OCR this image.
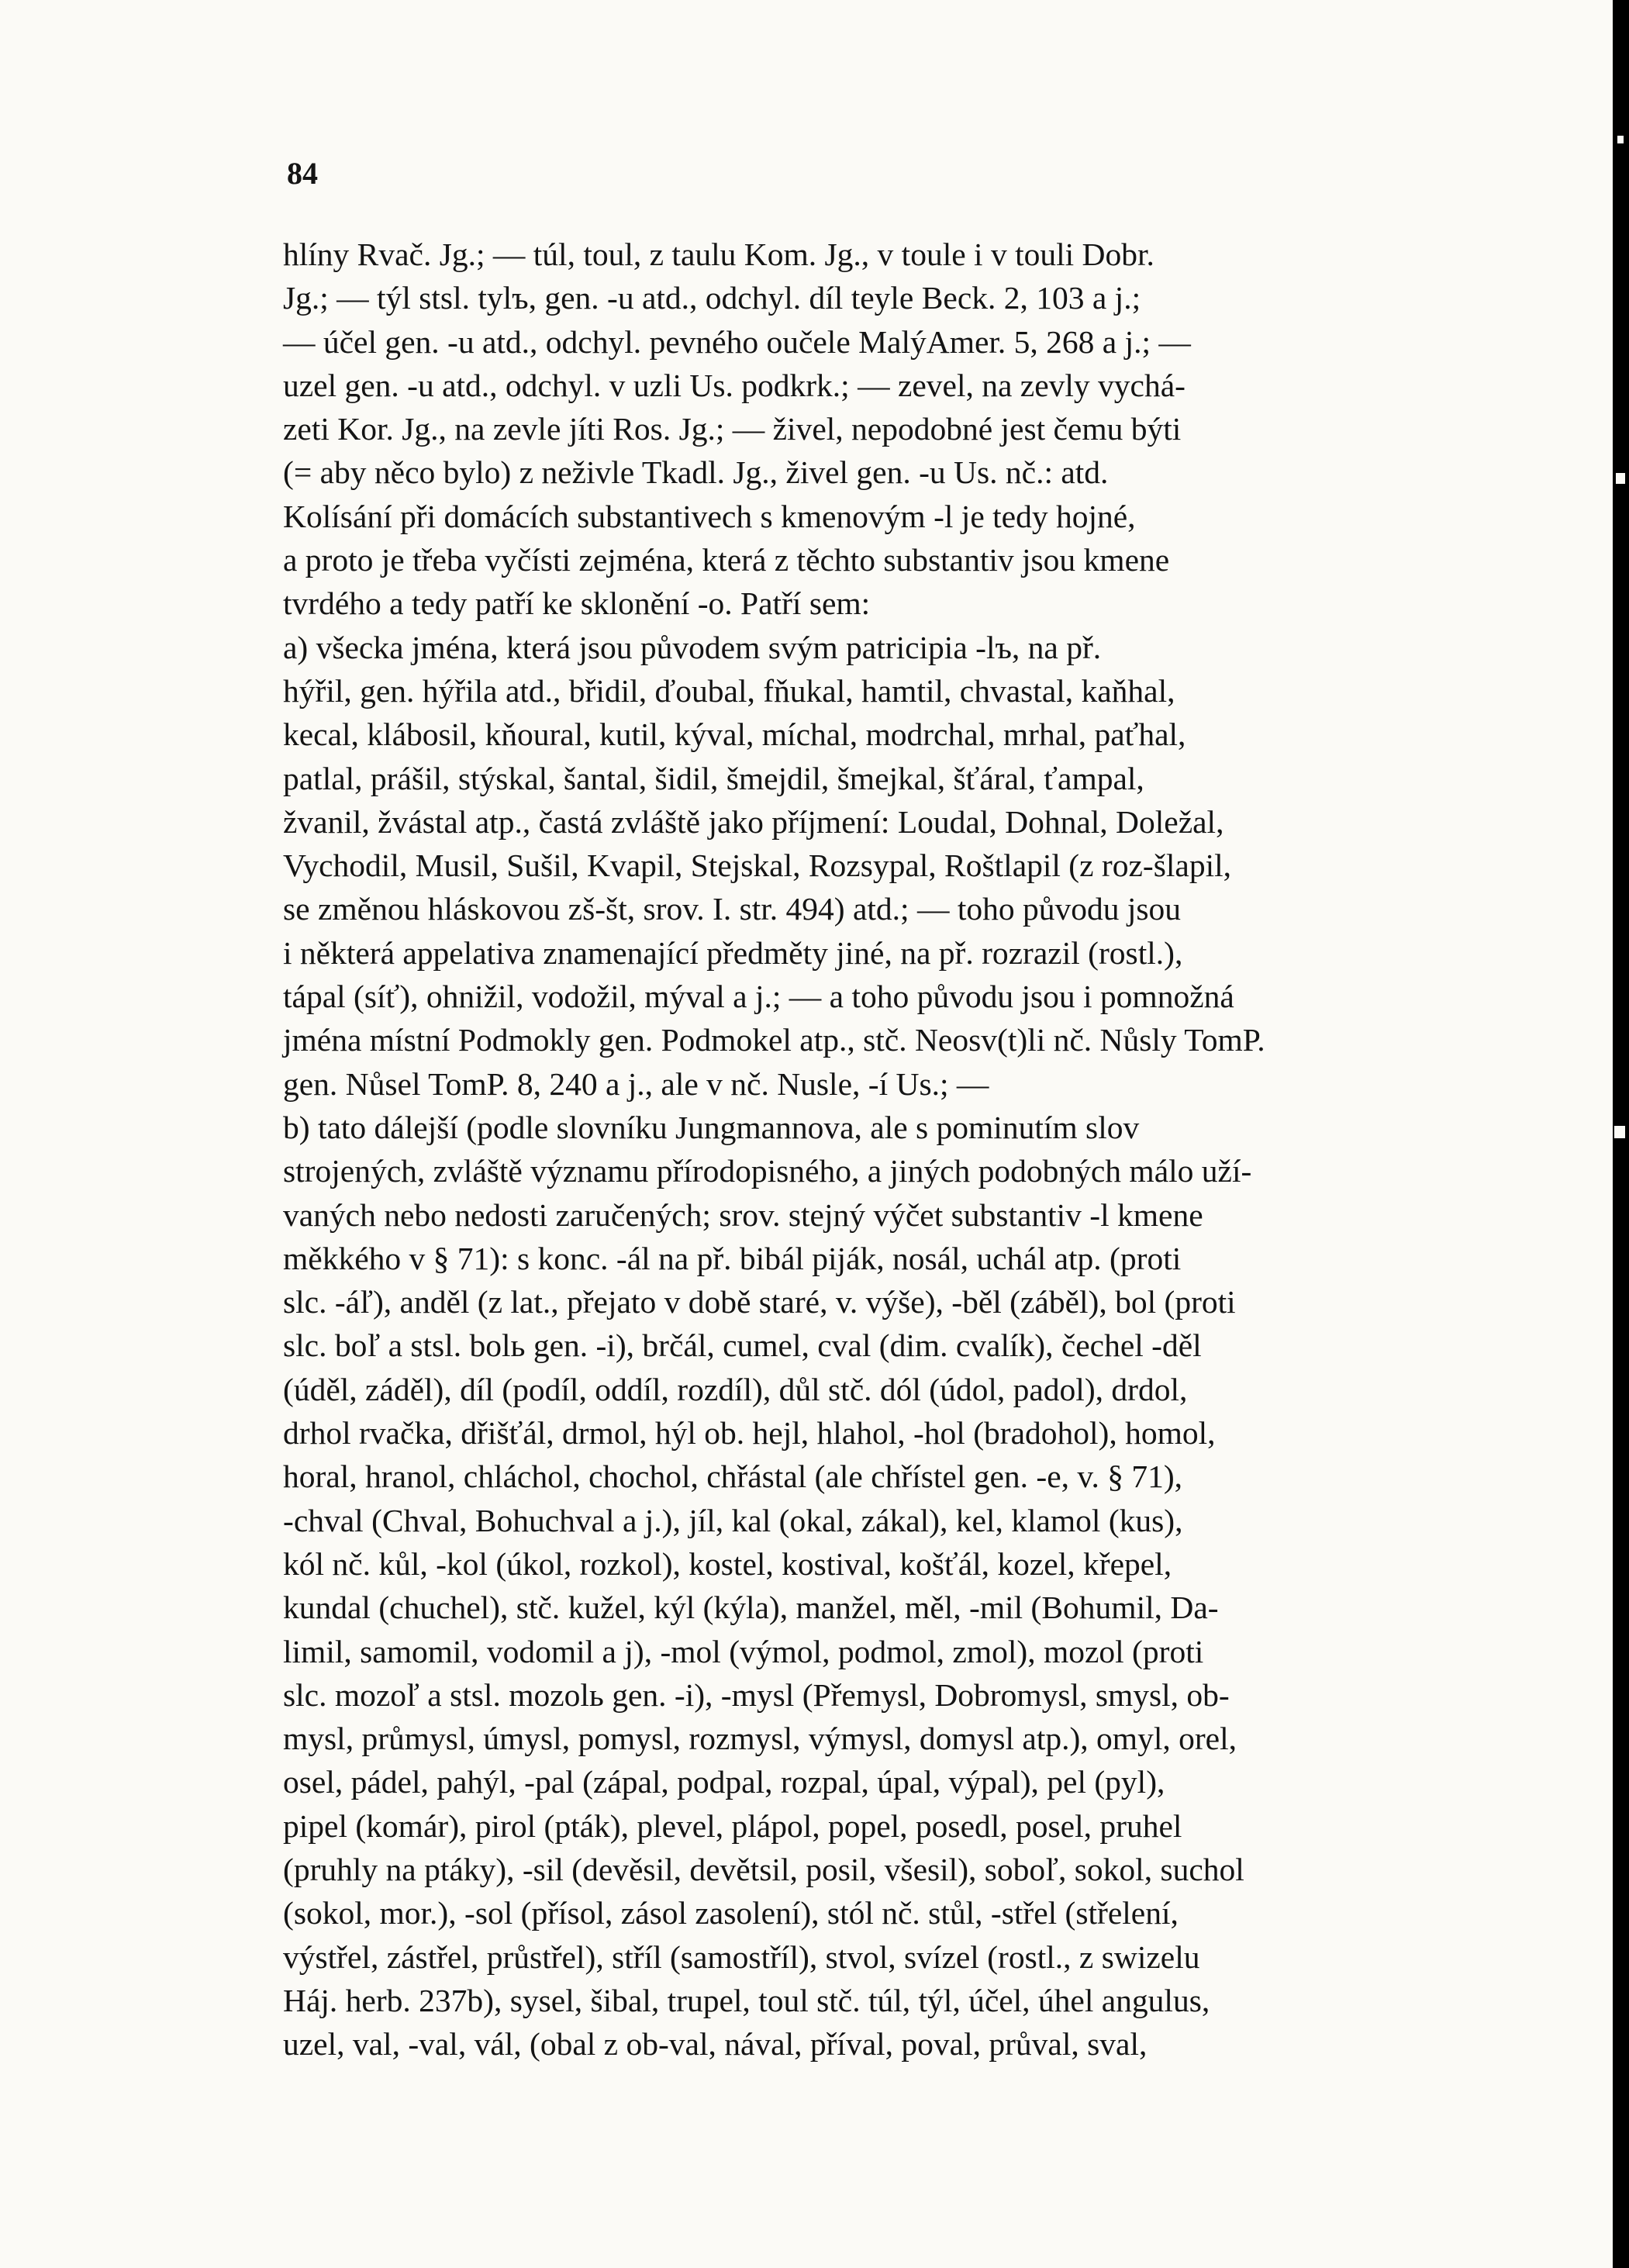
84
hlíny Rvač. Jg.; — túl, toul, z taulu Kom. Jg., v toule i v touli Dobr.
Jg.; — týl stsl. tylъ, gen. -u atd., odchyl. díl teyle Beck. 2, 103 a j.;
— účel gen. -u atd., odchyl. pevného oučele MalýAmer. 5, 268 a j.; —
uzel gen. -u atd., odchyl. v uzli Us. podkrk.; — zevel, na zevly vychá-
zeti Kor. Jg., na zevle jíti Ros. Jg.; — živel, nepodobné jest čemu býti
(= aby něco bylo) z neživle Tkadl. Jg., živel gen. -u Us. nč.: atd.
Kolísání při domácích substantivech s kmenovým -l je tedy hojné,
a proto je třeba vyčísti zejména, která z těchto substantiv jsou kmene
tvrdého a tedy patří ke sklonění -o. Patří sem:
a) všecka jména, která jsou původem svým patricipia -lъ, na př.
hýřil, gen. hýřila atd., břidil, ďoubal, fňukal, hamtil, chvastal, kaňhal,
kecal, klábosil, kňoural, kutil, kýval, míchal, modrchal, mrhal, paťhal,
patlal, prášil, stýskal, šantal, šidil, šmejdil, šmejkal, šťáral, ťampal,
žvanil, žvástal atp., častá zvláště jako příjmení: Loudal, Dohnal, Doležal,
Vychodil, Musil, Sušil, Kvapil, Stejskal, Rozsypal, Roštlapil (z roz-šlapil,
se změnou hláskovou zš-št, srov. I. str. 494) atd.; — toho původu jsou
i některá appelativa znamenající předměty jiné, na př. rozrazil (rostl.),
tápal (síť), ohnižil, vodožil, mýval a j.; — a toho původu jsou i pomnožná
jména místní Podmokly gen. Podmokel atp., stč. Neosv(t)li nč. Nůsly TomP.
gen. Nůsel TomP. 8, 240 a j., ale v nč. Nusle, -í Us.; —
b) tato dálejší (podle slovníku Jungmannova, ale s pominutím slov
strojených, zvláště významu přírodopisného, a jiných podobných málo uží-
vaných nebo nedosti zaručených; srov. stejný výčet substantiv -l kmene
měkkého v § 71): s konc. -ál na př. bibál piják, nosál, uchál atp. (proti
slc. -áľ), anděl (z lat., přejato v době staré, v. výše), -běl (záběl), bol (proti
slc. boľ a stsl. bolь gen. -i), brčál, cumel, cval (dim. cvalík), čechel -děl
(úděl, záděl), díl (podíl, oddíl, rozdíl), důl stč. dól (údol, padol), drdol,
drhol rvačka, dřišťál, drmol, hýl ob. hejl, hlahol, -hol (bradohol), homol,
horal, hranol, chláchol, chochol, chřástal (ale chřístel gen. -e, v. § 71),
-chval (Chval, Bohuchval a j.), jíl, kal (okal, zákal), kel, klamol (kus),
kól nč. kůl, -kol (úkol, rozkol), kostel, kostival, košťál, kozel, křepel,
kundal (chuchel), stč. kužel, kýl (kýla), manžel, měl, -mil (Bohumil, Da-
limil, samomil, vodomil a j), -mol (výmol, podmol, zmol), mozol (proti
slc. mozoľ a stsl. mozolь gen. -i), -mysl (Přemysl, Dobromysl, smysl, ob-
mysl, průmysl, úmysl, pomysl, rozmysl, výmysl, domysl atp.), omyl, orel,
osel, pádel, pahýl, -pal (zápal, podpal, rozpal, úpal, výpal), pel (pyl),
pipel (komár), pirol (pták), plevel, plápol, popel, posedl, posel, pruhel
(pruhly na ptáky), -sil (devěsil, devětsil, posil, všesil), soboľ, sokol, suchol
(sokol, mor.), -sol (přísol, zásol zasolení), stól nč. stůl, -střel (střelení,
výstřel, zástřel, průstřel), stříl (samostříl), stvol, svízel (rostl., z swizelu
Háj. herb. 237b), sysel, šibal, trupel, toul stč. túl, týl, účel, úhel angulus,
uzel, val, -val, vál, (obal z ob-val, nával, příval, poval, průval, sval,
